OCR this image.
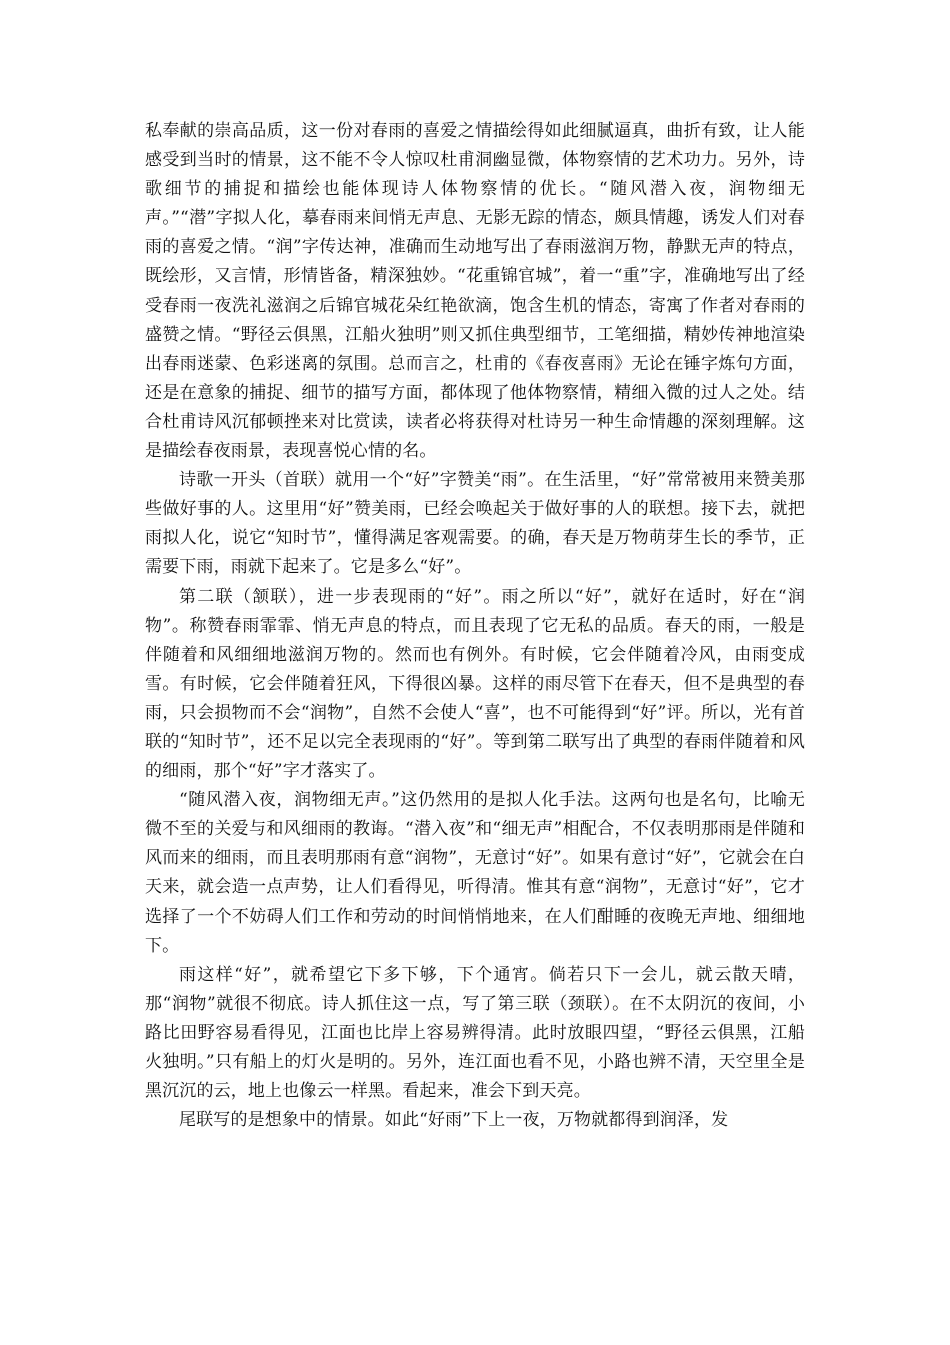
私奉献的崇高品质，这一份对春雨的喜爱之情描绘得如此细腻逼真，曲折有致，让人能感受到当时的情景，这不能不令人惊叹杜甫洞幽显微，体物察情的艺术功力。另外，诗歌细节的捕捉和描绘也能体现诗人体物察情的优长。“随风潜入夜，润物细无声。”“潜”字拟人化，摹春雨来间悄无声息、无影无踪的情态，颇具情趣，诱发人们对春雨的喜爱之情。“润”字传达神，准确而生动地写出了春雨滋润万物，静默无声的特点，既绘形，又言情，形情皆备，精深独妙。“花重锦官城”，着一“重”字，准确地写出了经受春雨一夜洗礼滋润之后锦官城花朵红艳欲滴，饱含生机的情态，寄寓了作者对春雨的盛赞之情。“野径云俱黑，江船火独明”则又抓住典型细节，工笔细描，精妙传神地渲染出春雨迷蒙、色彩迷离的氛围。总而言之，杜甫的《春夜喜雨》无论在锤字炼句方面，还是在意象的捕捉、细节的描写方面，都体现了他体物察情，精细入微的过人之处。结合杜甫诗风沉郁顿挫来对比赏读，读者必将获得对杜诗另一种生命情趣的深刻理解。这是描绘春夜雨景，表现喜悦心情的名。

诗歌一开头（首联）就用一个“好”字赞美“雨”。在生活里，“好”常常被用来赞美那些做好事的人。这里用“好”赞美雨，已经会唤起关于做好事的人的联想。接下去，就把雨拟人化，说它“知时节”，懂得满足客观需要。的确，春天是万物萌芽生长的季节，正需要下雨，雨就下起来了。它是多么“好”。

第二联（颔联），进一步表现雨的“好”。雨之所以“好”，就好在适时，好在“润物”。称赞春雨霏霏、悄无声息的特点，而且表现了它无私的品质。春天的雨，一般是伴随着和风细细地滋润万物的。然而也有例外。有时候，它会伴随着冷风，由雨变成雪。有时候，它会伴随着狂风，下得很凶暴。这样的雨尽管下在春天，但不是典型的春雨，只会损物而不会“润物”，自然不会使人“喜”，也不可能得到“好”评。所以，光有首联的“知时节”，还不足以完全表现雨的“好”。等到第二联写出了典型的春雨伴随着和风的细雨，那个“好”字才落实了。

“随风潜入夜，润物细无声。”这仍然用的是拟人化手法。这两句也是名句，比喻无微不至的关爱与和风细雨的教诲。“潜入夜”和“细无声”相配合，不仅表明那雨是伴随和风而来的细雨，而且表明那雨有意“润物”，无意讨“好”。如果有意讨“好”，它就会在白天来，就会造一点声势，让人们看得见，听得清。惟其有意“润物”，无意讨“好”，它才选择了一个不妨碍人们工作和劳动的时间悄悄地来，在人们酣睡的夜晚无声地、细细地下。

雨这样“好”，就希望它下多下够，下个通宵。倘若只下一会儿，就云散天晴，那“润物”就很不彻底。诗人抓住这一点，写了第三联（颈联）。在不太阴沉的夜间，小路比田野容易看得见，江面也比岸上容易辨得清。此时放眼四望，“野径云俱黑，江船火独明。”只有船上的灯火是明的。另外，连江面也看不见，小路也辨不清，天空里全是黑沉沉的云，地上也像云一样黑。看起来，准会下到天亮。

尾联写的是想象中的情景。如此“好雨”下上一夜，万物就都得到润泽，发
